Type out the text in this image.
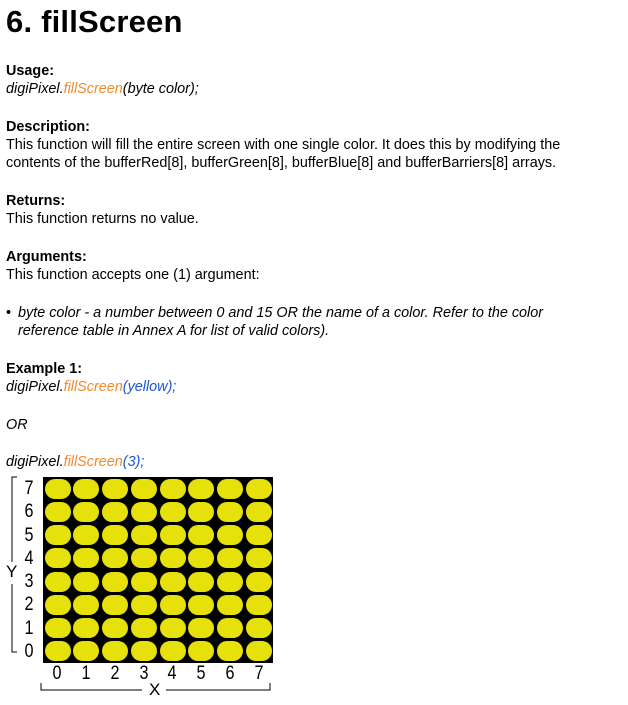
6. fillScreen
Usage:
digiPixel.fillScreen(byte color);
Description:
This function will fill the entire screen with one single color. It does this by modifying the
contents of the bufferRed[8], bufferGreen[8], bufferBlue[8] and bufferBarriers[8] arrays.
Returns:
This function returns no value.
Arguments:
This function accepts one (1) argument:
• byte color - a number between 0 and 15 OR the name of a color. Refer to the color
reference table in Annex A for list of valid colors).
Example 1:
digiPixel.fillScreen(yellow);
OR
digiPixel.fillScreen(3);
Y
X
7
6
5
4
3
2
1
0
0 1 2 3 4 5 6 7
